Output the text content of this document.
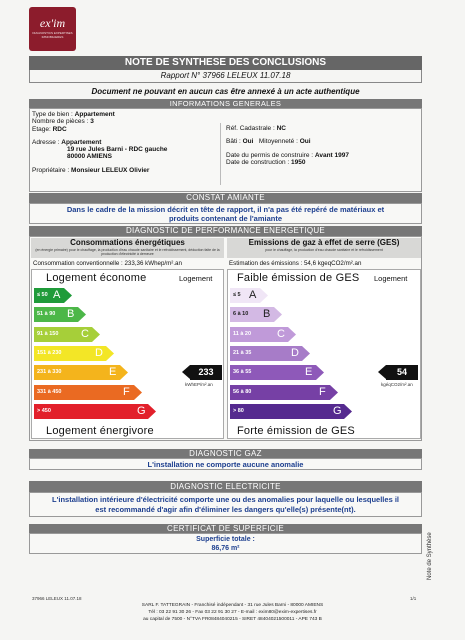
ex'im
DIAGNOSTICS EXPERTISES IMMOBILIERES
NOTE DE SYNTHESE DES CONCLUSIONS
Rapport N° 37966 LELEUX 11.07.18
Document ne pouvant en aucun cas être annexé à un acte authentique
INFORMATIONS GENERALES
Type de bien : Appartement
Nombre de pièces : 3
Etage: RDC
Adresse : Appartement
19 rue Jules Barni - RDC gauche
80000 AMIENS
Propriétaire : Monsieur LELEUX Olivier
Réf. Cadastrale : NC
Bâti : Oui Mitoyenneté : Oui
Date du permis de construire : Avant 1997
Date de construction : 1950
CONSTAT AMIANTE
Dans le cadre de la mission décrit en tête de rapport, il n'a pas été repéré de matériaux et
produits contenant de l'amiante
DIAGNOSTIC DE PERFORMANCE ENERGETIQUE
Consommations énergétiques
(en énergie primaire) pour le chauffage, la production d'eau chaude sanitaire et le refroidissement, déduction faite de la production d'électricité à demeure
Emissions de gaz à effet de serre (GES)
pour le chauffage, la production d'eau chaude sanitaire et le refroidissement
Consommation conventionnelle : 233,36 kWhep/m².an	Estimation des émissions : 54,6 kgeqCO2/m².an
Logement économe	Logement
≤ 50 A
51 à 90 B
91 à 150 C
151 à 230	D
231 à 330	E
331 à 450	F
> 450	G
233
kWhEP/m².an
Logement énergivore
Faible émission de GES Logement
≤ 5 A
6 à 10 B
11 à 20 C
21 à 35	D
36 à 55	E
56 à 80	F
> 80	G
54
kgéqCO2/m².an
Forte émission de GES
DIAGNOSTIC GAZ
L'installation ne comporte aucune anomalie
DIAGNOSTIC ELECTRICITE
L'installation intérieure d'électricité comporte une ou des anomalies pour laquelle ou lesquelles il
est recommandé d'agir afin d'éliminer les dangers qu'elle(s) présente(nt).
CERTIFICAT DE SUPERFICIE
Superficie totale :
86,76 m²	Note de Synthèse
37966 LELEUX 11.07.18	1/1
SARL F. TATTEGRAIN - Franchisé indépendant - 31 rue Jules Barni - 80000 AMIENS
Tél : 03 22 91 30 26 - Fax 03 22 91 30 27 - E-mail : exim80@exim-expertises.fr
au capital de 7500 - N°TVA FR08484040215 - SIRET 48404021500011 - APE 743 B
